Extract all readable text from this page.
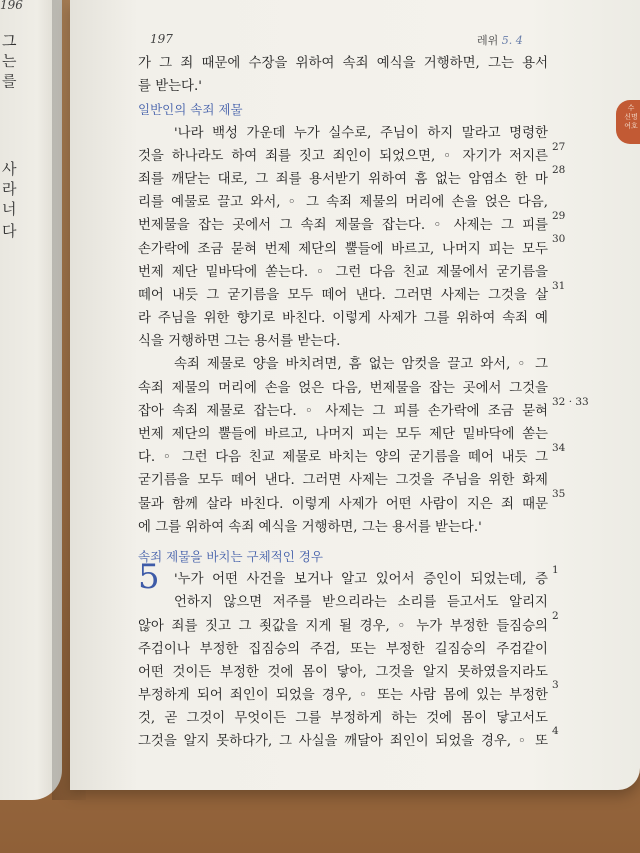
196
그
는
를
사
라
너
다
수
신명
여호
197	레위 5. 4
가 그 죄 때문에 수장을 위하여 속죄 예식을 거행하면, 그는 용서
를 받는다.'
일반인의 속죄 제물
'나라 백성 가운데 누가 실수로, 주님이 하지 말라고 명령한
것을 하나라도 하여 죄를 짓고 죄인이 되었으면, ◦ 자기가 저지른
죄를 깨닫는 대로, 그 죄를 용서받기 위하여 흠 없는 암염소 한 마
리를 예물로 끌고 와서, ◦ 그 속죄 제물의 머리에 손을 얹은 다음,
번제물을 잡는 곳에서 그 속죄 제물을 잡는다. ◦ 사제는 그 피를
손가락에 조금 묻혀 번제 제단의 뿔들에 바르고, 나머지 피는 모두
번제 제단 밑바닥에 쏟는다. ◦ 그런 다음 친교 제물에서 굳기름을
떼어 내듯 그 굳기름을 모두 떼어 낸다. 그러면 사제는 그것을 살
라 주님을 위한 향기로 바친다. 이렇게 사제가 그를 위하여 속죄 예
식을 거행하면 그는 용서를 받는다.
속죄 제물로 양을 바치려면, 흠 없는 암컷을 끌고 와서, ◦ 그
속죄 제물의 머리에 손을 얹은 다음, 번제물을 잡는 곳에서 그것을
잡아 속죄 제물로 잡는다. ◦ 사제는 그 피를 손가락에 조금 묻혀
번제 제단의 뿔들에 바르고, 나머지 피는 모두 제단 밑바닥에 쏟는
다. ◦ 그런 다음 친교 제물로 바치는 양의 굳기름을 떼어 내듯 그
굳기름을 모두 떼어 낸다. 그러면 사제는 그것을 주님을 위한 화제
물과 함께 살라 바친다. 이렇게 사제가 어떤 사람이 지은 죄 때문
에 그를 위하여 속죄 예식을 거행하면, 그는 용서를 받는다.'
속죄 제물을 바치는 구체적인 경우
'누가 어떤 사건을 보거나 알고 있어서 증인이 되었는데, 증
언하지 않으면 저주를 받으리라는 소리를 듣고서도 알리지
않아 죄를 짓고 그 죗값을 지게 될 경우, ◦ 누가 부정한 들짐승의
주검이나 부정한 집짐승의 주검, 또는 부정한 길짐승의 주검같이
어떤 것이든 부정한 것에 몸이 닿아, 그것을 알지 못하였을지라도
부정하게 되어 죄인이 되었을 경우, ◦ 또는 사람 몸에 있는 부정한
것, 곧 그것이 무엇이든 그를 부정하게 하는 것에 몸이 닿고서도
그것을 알지 못하다가, 그 사실을 깨달아 죄인이 되었을 경우, ◦ 또
5
27
28
29
30
31
32 · 33
34
35
1
2
3
4
